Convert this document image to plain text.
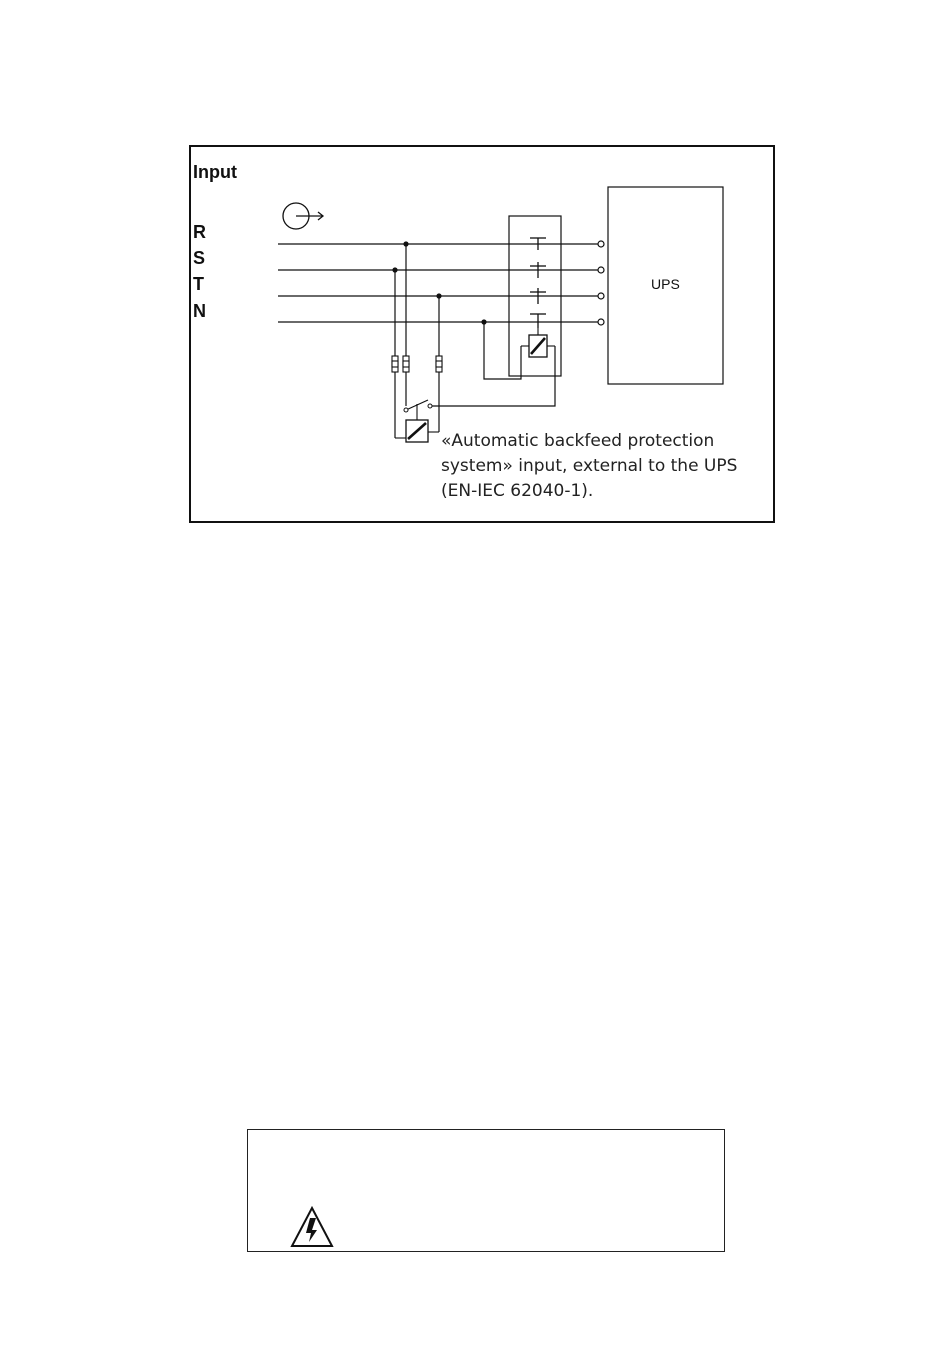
Input
R
S
T
N
UPS
«Automatic backfeed protection
system» input, external to the UPS
(EN-IEC 62040-1).
